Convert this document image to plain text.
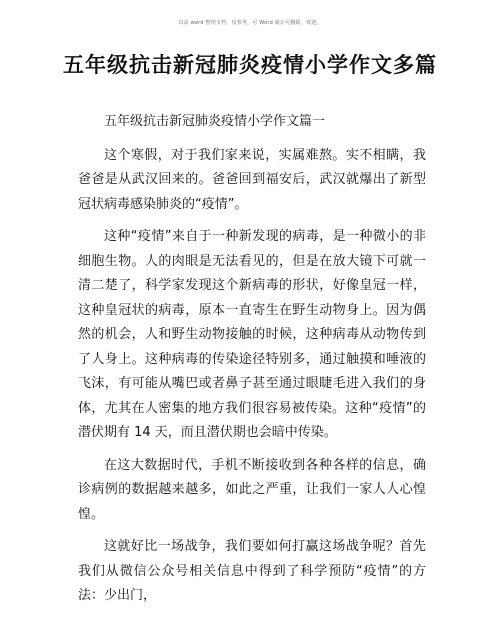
以高 word 整理文档，仅参考，可 Word 就让可删除，欢迎。
五年级抗击新冠肺炎疫情小学作文多篇

五年级抗击新冠肺炎疫情小学作文篇一

这个寒假，对于我们家来说，实属难熬。实不相瞒，我爸爸是从武汉回来的。爸爸回到福安后，武汉就爆出了新型冠状病毒感染肺炎的“疫情”。

这种“疫情”来自于一种新发现的病毒，是一种微小的非细胞生物。人的肉眼是无法看见的，但是在放大镜下可就一清二楚了，科学家发现这个新病毒的形状，好像皇冠一样，这种皇冠状的病毒，原本一直寄生在野生动物身上。因为偶然的机会，人和野生动物接触的时候，这种病毒从动物传到了人身上。这种病毒的传染途径特别多，通过触摸和唾液的飞沫，有可能从嘴巴或者鼻子甚至通过眼睫毛进入我们的身体，尤其在人密集的地方我们很容易被传染。这种“疫情”的潜伏期有 14 天，而且潜伏期也会暗中传染。

在这大数据时代，手机不断接收到各种各样的信息，确诊病例的数据越来越多，如此之严重，让我们一家人人心惶惶。

这就好比一场战争，我们要如何打赢这场战争呢？首先我们从微信公众号相关信息中得到了科学预防“疫情”的方法：少出门，
